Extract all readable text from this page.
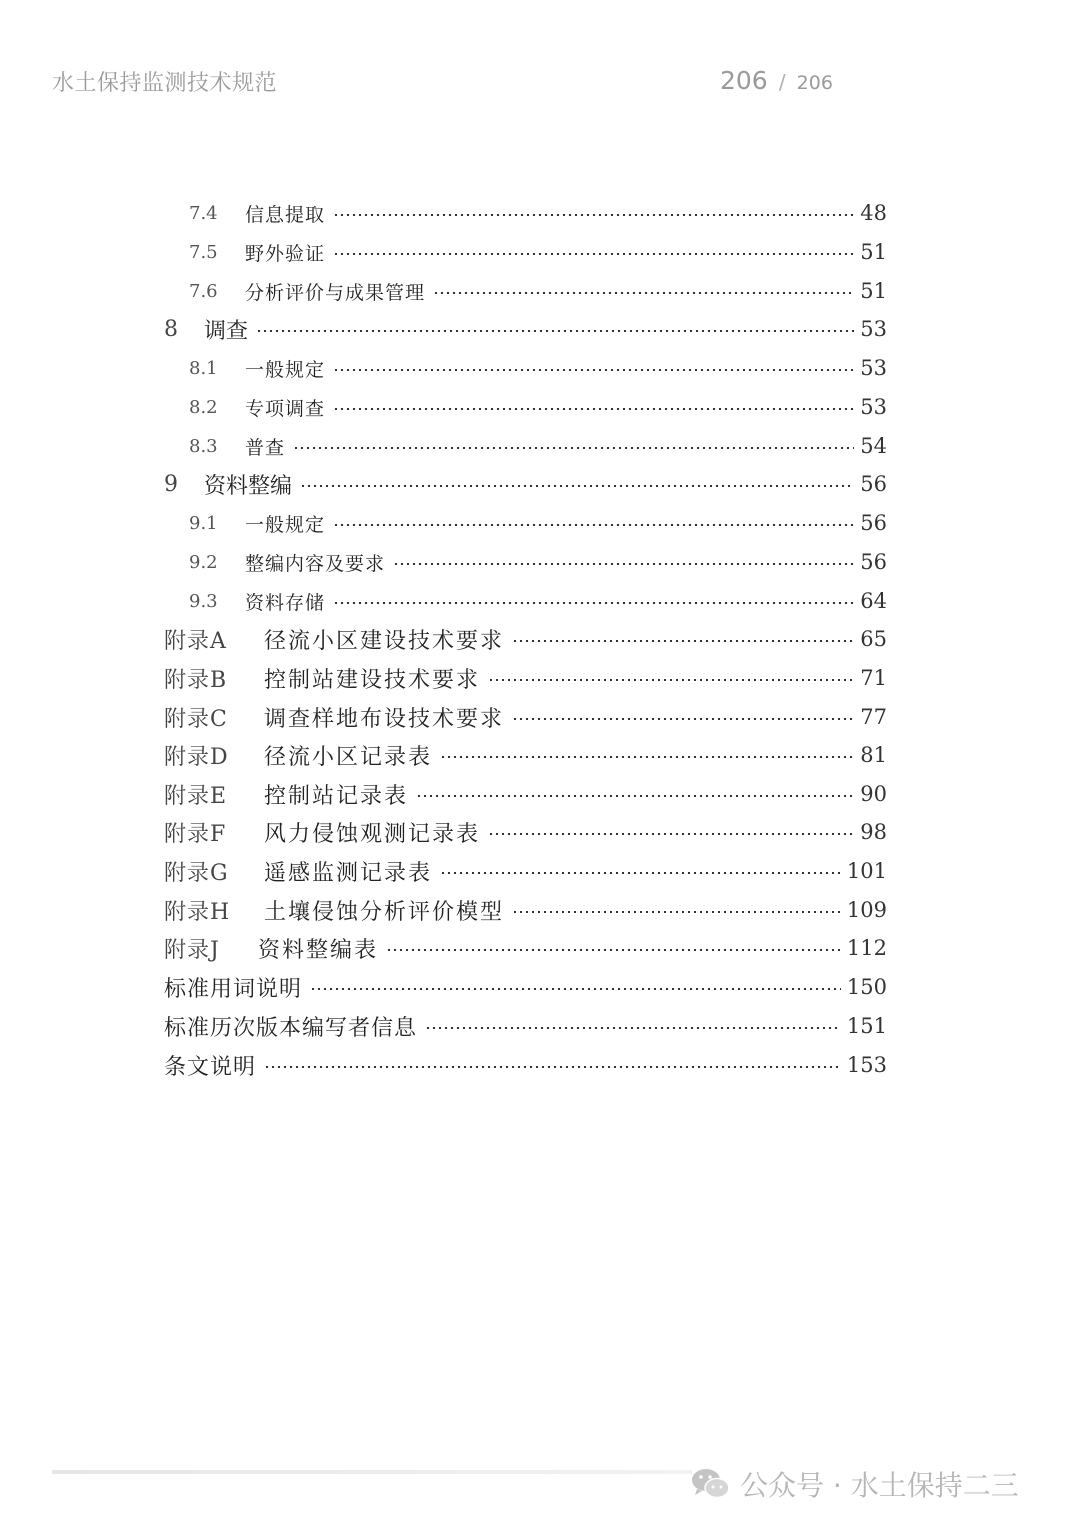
水土保持监测技术规范	206 / 206
7.4	信息提取	48
7.5	野外验证	51
7.6	分析评价与成果管理	51
8	调查	53
8.1	一般规定	53
8.2	专项调查	53
8.3	普查	54
9	资料整编	56
9.1	一般规定	56
9.2	整编内容及要求	56
9.3	资料存储	64
附录A	径流小区建设技术要求	65
附录B	控制站建设技术要求	71
附录C	调查样地布设技术要求	77
附录D	径流小区记录表	81
附录E	控制站记录表	90
附录F	风力侵蚀观测记录表	98
附录G	遥感监测记录表	101
附录H	土壤侵蚀分析评价模型	109
附录J	资料整编表	112
标准用词说明	150
标准历次版本编写者信息	151
条文说明	153
公众号 · 水土保持二三
